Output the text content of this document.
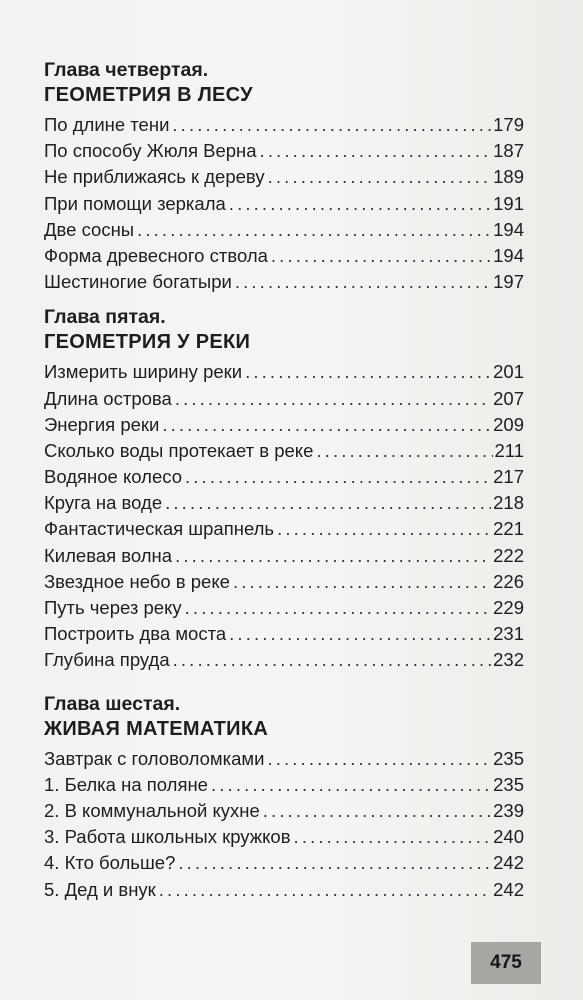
Глава четвертая.
ГЕОМЕТРИЯ В ЛЕСУ
По длине тени . . .	179
По способу Жюля Верна . . .	187
Не приближаясь к дереву . . .	189
При помощи зеркала . . .	191
Две сосны . . .	194
Форма древесного ствола . . .	194
Шестиногие богатыри . . .	197
Глава пятая.
ГЕОМЕТРИЯ У РЕКИ
Измерить ширину реки . . .	201
Длина острова . . .	207
Энергия реки . . .	209
Сколько воды протекает в реке . . .	211
Водяное колесо . . .	217
Круга на воде . . .	218
Фантастическая шрапнель . . .	221
Килевая волна . . .	222
Звездное небо в реке . . .	226
Путь через реку . . .	229
Построить два моста . . .	231
Глубина пруда . . .	232
Глава шестая.
ЖИВАЯ МАТЕМАТИКА
Завтрак с головоломками . . .	235
1. Белка на поляне . . .	235
2. В коммунальной кухне . . .	239
3. Работа школьных кружков . . .	240
4. Кто больше? . . .	242
5. Дед и внук . . .	242
475
